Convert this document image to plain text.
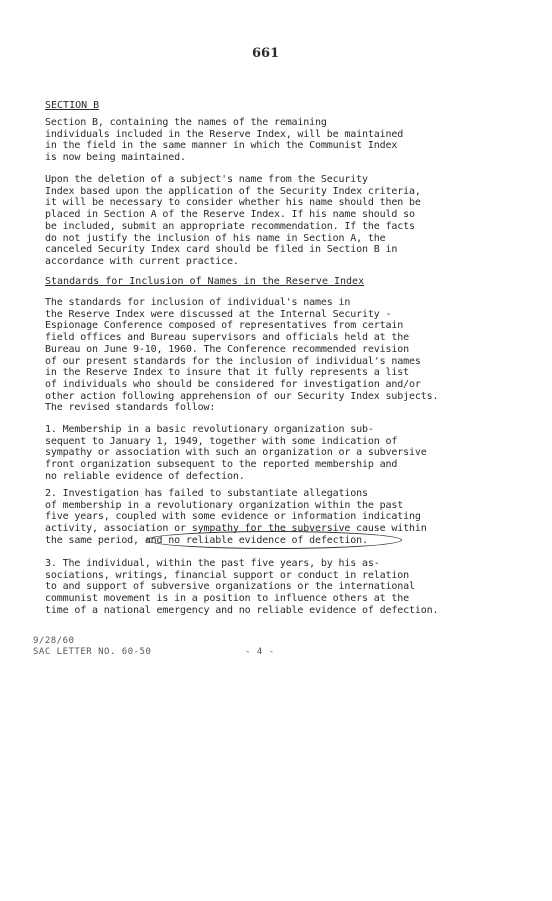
661
SECTION B
Section B, containing the names of the remaining
individuals included in the Reserve Index, will be maintained
in the field in the same manner in which the Communist Index
is now being maintained.
Upon the deletion of a subject's name from the Security
Index based upon the application of the Security Index criteria,
it will be necessary to consider whether his name should then be
placed in Section A of the Reserve Index. If his name should so
be included, submit an appropriate recommendation. If the facts
do not justify the inclusion of his name in Section A, the
canceled Security Index card should be filed in Section B in
accordance with current practice.
Standards for Inclusion of Names in the Reserve Index
The standards for inclusion of individual's names in
the Reserve Index were discussed at the Internal Security -
Espionage Conference composed of representatives from certain
field offices and Bureau supervisors and officials held at the
Bureau on June 9-10, 1960. The Conference recommended revision
of our present standards for the inclusion of individual's names
in the Reserve Index to insure that it fully represents a list
of individuals who should be considered for investigation and/or
other action following apprehension of our Security Index subjects.
The revised standards follow:
1. Membership in a basic revolutionary organization sub-
sequent to January 1, 1949, together with some indication of
sympathy or association with such an organization or a subversive
front organization subsequent to the reported membership and
no reliable evidence of defection.
2. Investigation has failed to substantiate allegations
of membership in a revolutionary organization within the past
five years, coupled with some evidence or information indicating
activity, association or sympathy for the subversive cause within
the same period, and no reliable evidence of defection.
3. The individual, within the past five years, by his as-
sociations, writings, financial support or conduct in relation
to and support of subversive organizations or the international
communist movement is in a position to influence others at the
time of a national emergency and no reliable evidence of defection.
9/28/60
SAC LETTER NO. 60-50	- 4 -
